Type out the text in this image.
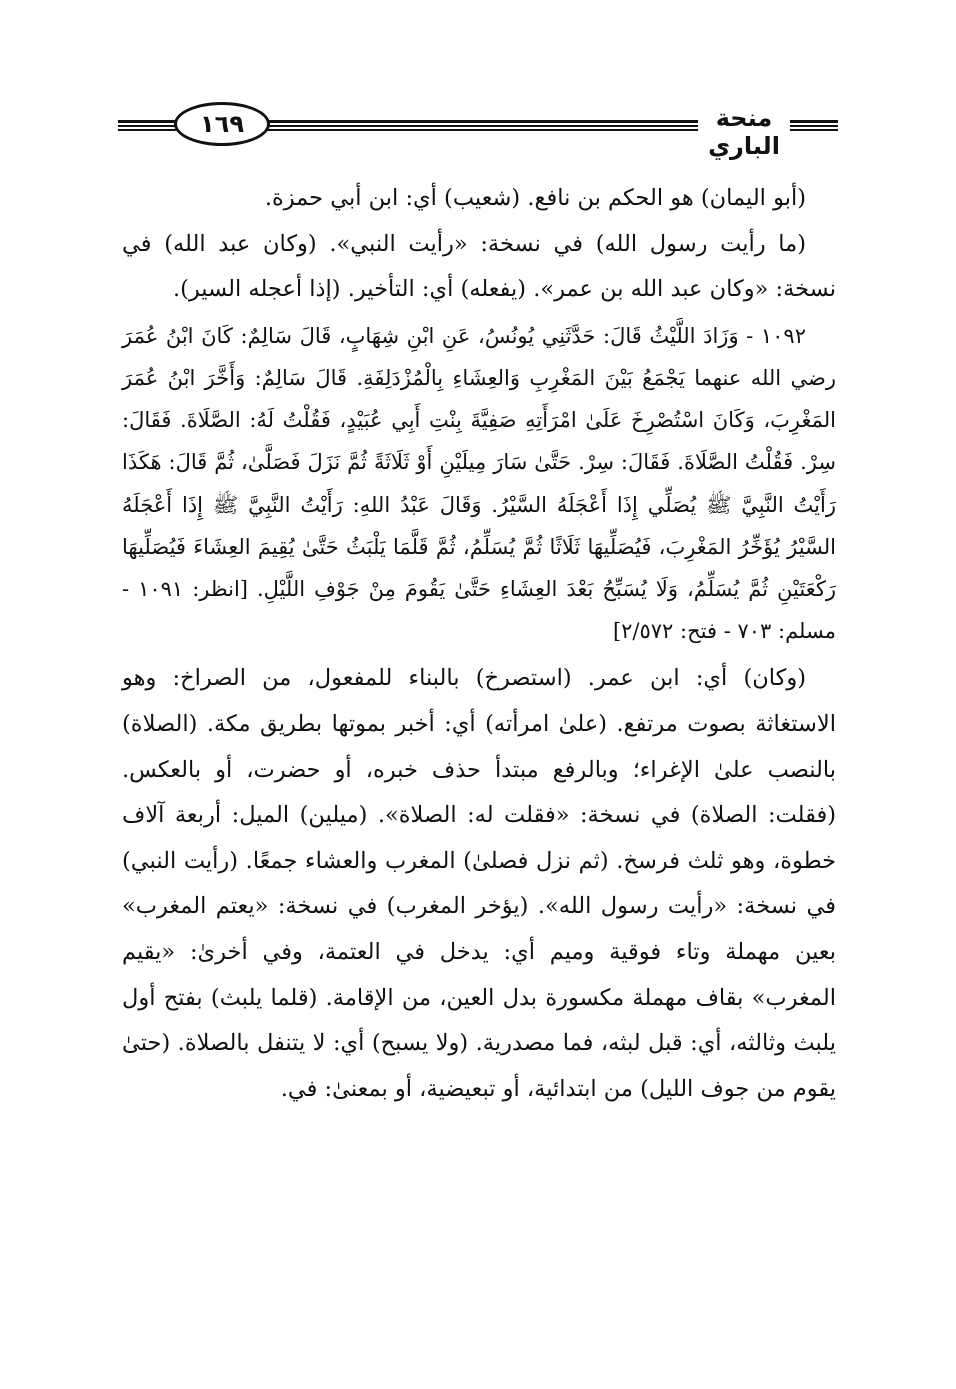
١٦٩	منحة الباري

(أبو اليمان) هو الحكم بن نافع. (شعيب) أي: ابن أبي حمزة.

(ما رأيت رسول الله) في نسخة: «رأيت النبي». (وكان عبد الله) في نسخة: «وكان عبد الله بن عمر». (يفعله) أي: التأخير. (إذا أعجله السير).

١٠٩٢ - وَزَادَ اللَّيْثُ قَالَ: حَدَّثَنِي يُونُسُ، عَنِ ابْنِ شِهَابٍ، قَالَ سَالِمٌ: كَانَ ابْنُ عُمَرَ رضي الله عنهما يَجْمَعُ بَيْنَ المَغْرِبِ وَالعِشَاءِ بِالْمُزْدَلِفَةِ. قَالَ سَالِمٌ: وَأَخَّرَ ابْنُ عُمَرَ المَغْرِبَ، وَكَانَ اسْتُصْرِخَ عَلَىٰ امْرَأَتِهِ صَفِيَّةَ بِنْتِ أَبِي عُبَيْدٍ، فَقُلْتُ لَهُ: الصَّلَاةَ. فَقَالَ: سِرْ. فَقُلْتُ الصَّلَاةَ. فَقَالَ: سِرْ. حَتَّىٰ سَارَ مِيلَيْنِ أَوْ ثَلَاثَةً ثُمَّ نَزَلَ فَصَلَّىٰ، ثُمَّ قَالَ: هَكَذَا رَأَيْتُ النَّبِيَّ ﷺ يُصَلِّي إِذَا أَعْجَلَهُ السَّيْرُ. وَقَالَ عَبْدُ اللهِ: رَأَيْتُ النَّبِيَّ ﷺ إِذَا أَعْجَلَهُ السَّيْرُ يُؤَخِّرُ المَغْرِبَ، فَيُصَلِّيهَا ثَلَاثًا ثُمَّ يُسَلِّمُ، ثُمَّ قَلَّمَا يَلْبَثُ حَتَّىٰ يُقِيمَ العِشَاءَ فَيُصَلِّيهَا رَكْعَتَيْنِ ثُمَّ يُسَلِّمُ، وَلَا يُسَبِّحُ بَعْدَ العِشَاءِ حَتَّىٰ يَقُومَ مِنْ جَوْفِ اللَّيْلِ. [انظر: ١٠٩١ - مسلم: ٧٠٣ - فتح: ٢/٥٧٢]

(وكان) أي: ابن عمر. (استصرخ) بالبناء للمفعول، من الصراخ: وهو الاستغاثة بصوت مرتفع. (علىٰ امرأته) أي: أخبر بموتها بطريق مكة. (الصلاة) بالنصب علىٰ الإغراء؛ وبالرفع مبتدأ حذف خبره، أو حضرت، أو بالعكس. (فقلت: الصلاة) في نسخة: «فقلت له: الصلاة». (ميلين) الميل: أربعة آلاف خطوة، وهو ثلث فرسخ. (ثم نزل فصلىٰ) المغرب والعشاء جمعًا. (رأيت النبي) في نسخة: «رأيت رسول الله». (يؤخر المغرب) في نسخة: «يعتم المغرب» بعين مهملة وتاء فوقية وميم أي: يدخل في العتمة، وفي أخرىٰ: «يقيم المغرب» بقاف مهملة مكسورة بدل العين، من الإقامة. (قلما يلبث) بفتح أول يلبث وثالثه، أي: قبل لبثه، فما مصدرية. (ولا يسبح) أي: لا يتنفل بالصلاة. (حتىٰ يقوم من جوف الليل) من ابتدائية، أو تبعيضية، أو بمعنىٰ: في.
